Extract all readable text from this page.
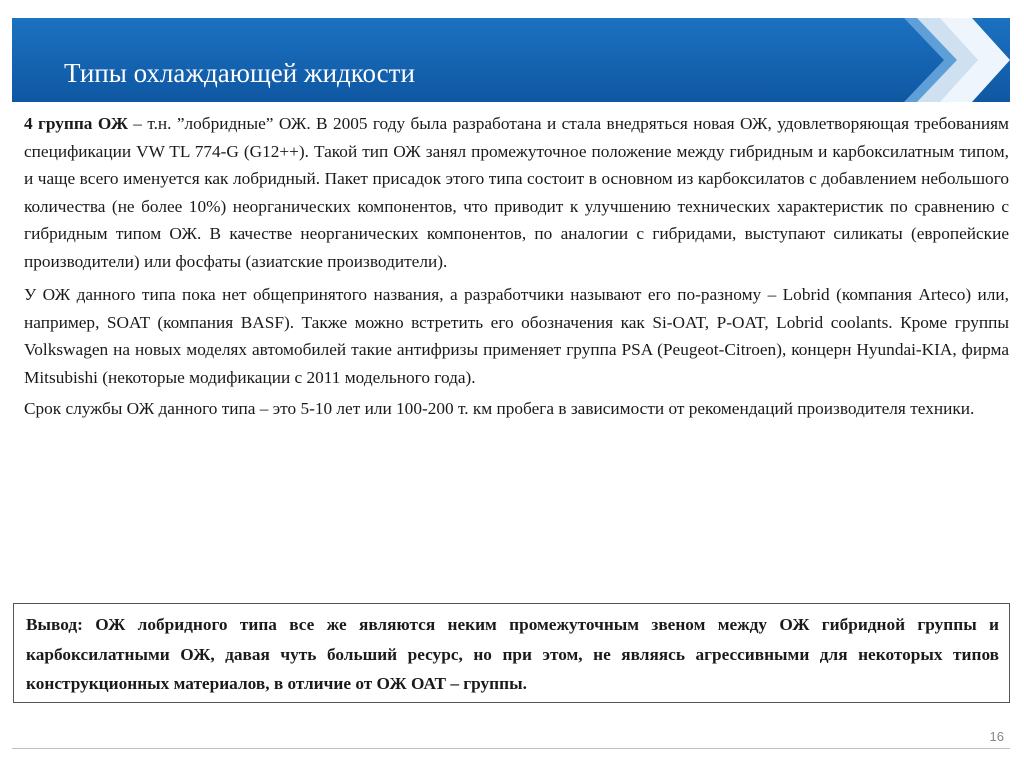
Типы охлаждающей жидкости

4 группа ОЖ – т.н. ”лобридные” ОЖ. В 2005 году была разработана и стала внедряться новая ОЖ, удовлетворяющая требованиям спецификации VW TL 774-G (G12++). Такой тип ОЖ занял промежуточное положение между гибридным и карбоксилатным типом, и чаще всего именуется как лобридный. Пакет присадок этого типа состоит в основном из карбоксилатов с добавлением небольшого количества (не более 10%) неорганических компонентов, что приводит к улучшению технических характеристик по сравнению с гибридным типом ОЖ. В качестве неорганических компонентов, по аналогии с гибридами, выступают силикаты (европейские производители) или фосфаты (азиатские производители).

У ОЖ данного типа пока нет общепринятого названия, а разработчики называют его по-разному – Lobrid (компания Arteco) или, например, SOAT (компания BASF). Также можно встретить его обозначения как Si-OAT, P-OAT, Lobrid coolants. Кроме группы Volkswagen на новых моделях автомобилей такие антифризы применяет группа PSA (Peugeot-Citroen), концерн Hyundai-KIA, фирма Mitsubishi (некоторые модификации с 2011 модельного года).

Срок службы ОЖ данного типа – это 5-10 лет или 100-200 т. км пробега в зависимости от рекомендаций производителя техники.

Вывод: ОЖ лобридного типа все же являются неким промежуточным звеном между ОЖ гибридной группы и карбоксилатными ОЖ, давая чуть больший ресурс, но при этом, не являясь агрессивными для некоторых типов конструкционных материалов, в отличие от ОЖ ОАТ – группы.
16
